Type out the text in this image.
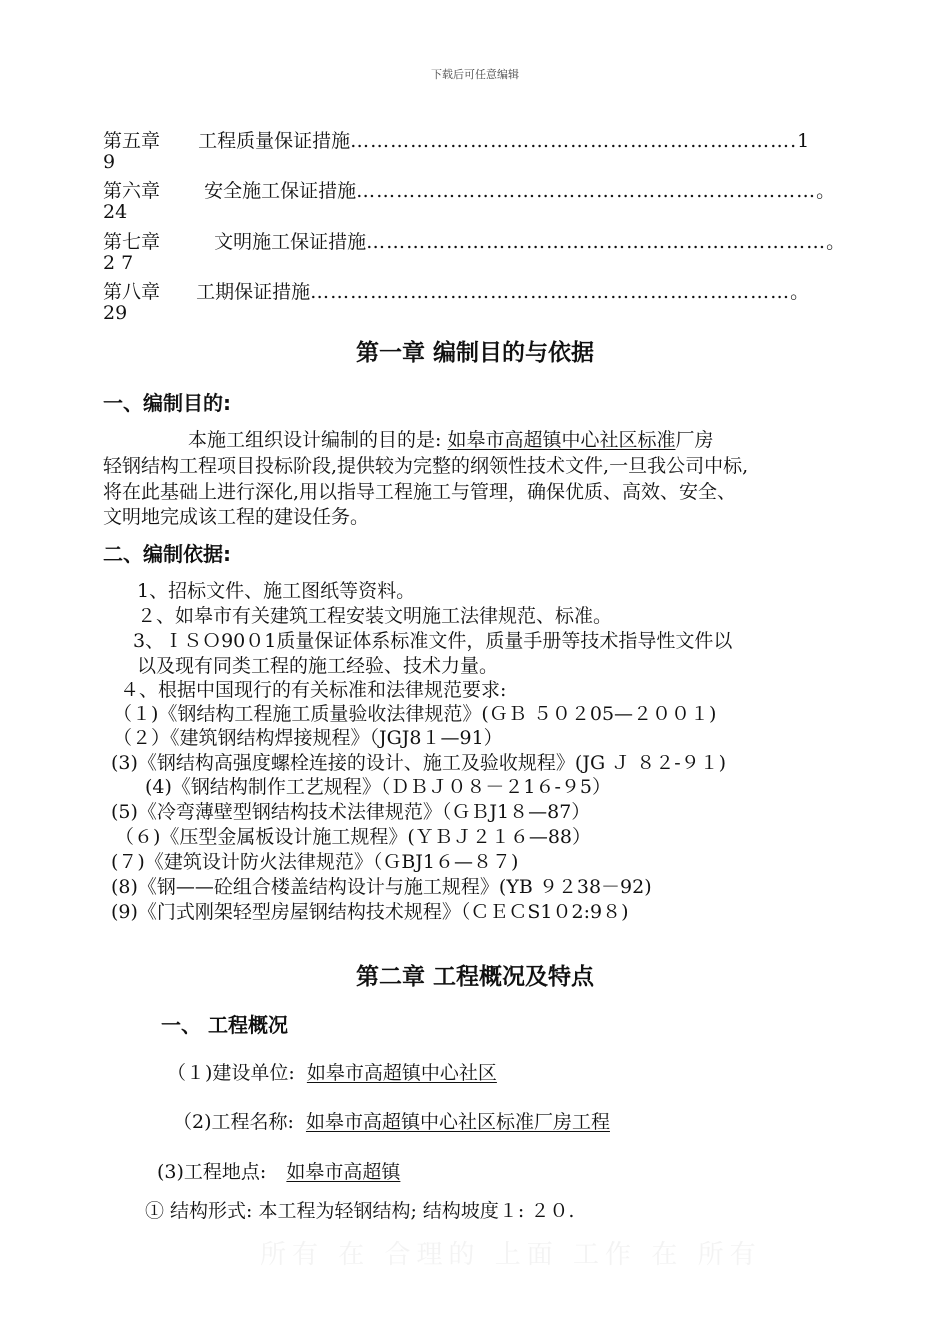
下载后可任意编辑
第五章 工程质量保证措施………………………………………………………….1
9
第六章 安全施工保证措施……………………………………………………………。
24
第七章	文明施工保证措施……………………………………………………………。
2 7
第八章 工期保证措施………………………………………………………………。
29
第一章 编制目的与依据
一、编制目的:
本施工组织设计编制的目的是: 如皋市高超镇中心社区标准厂房
轻钢结构工程项目投标阶段,提供较为完整的纲领性技术文件,一旦我公司中标,
将在此基础上进行深化,用以指导工程施工与管理，确保优质、高效、安全、
文明地完成该工程的建设任务。
二、编制依据:
1、招标文件、施工图纸等资料。
２、如皋市有关建筑工程安装文明施工法律规范、标准。
3、ＩＳＯ90０1质量保证体系标准文件，质量手册等技术指导性文件以
以及现有同类工程的施工经验、技术力量。
４、根据中国现行的有关标准和法律规范要求:
（１)《钢结构工程施工质量验收法律规范》(ＧＢ ５０２05—２００１)
（２）《建筑钢结构焊接规程》（JGJ8１—91）
(3)《钢结构高强度螺栓连接的设计、施工及验收规程》(JG Ｊ ８２-９１)
(4)《钢结构制作工艺规程》（ＤＢＪ０８－２1６-９5）
(5)《冷弯薄壁型钢结构技术法律规范》（ＧＢJ1８—87）
（６)《压型金属板设计施工规程》(ＹＢＪ２１６—88）
(７)《建筑设计防火法律规范》（ＧBJ1６—８７)
(8)《钢——砼组合楼盖结构设计与施工规程》(YB ９２38－92)
(9)《门式刚架轻型房屋钢结构技术规程》（ＣＥＣS1０2:9８)
第二章 工程概况及特点
一、 工程概况
（１)建设单位: 如皋市高超镇中心社区
（2)工程名称: 如皋市高超镇中心社区标准厂房工程
(3)工程地点: 如皋市高超镇
① 结构形式: 本工程为轻钢结构; 结构坡度１: ２０.
所有 在 合理的 上面 工作 在 所有
